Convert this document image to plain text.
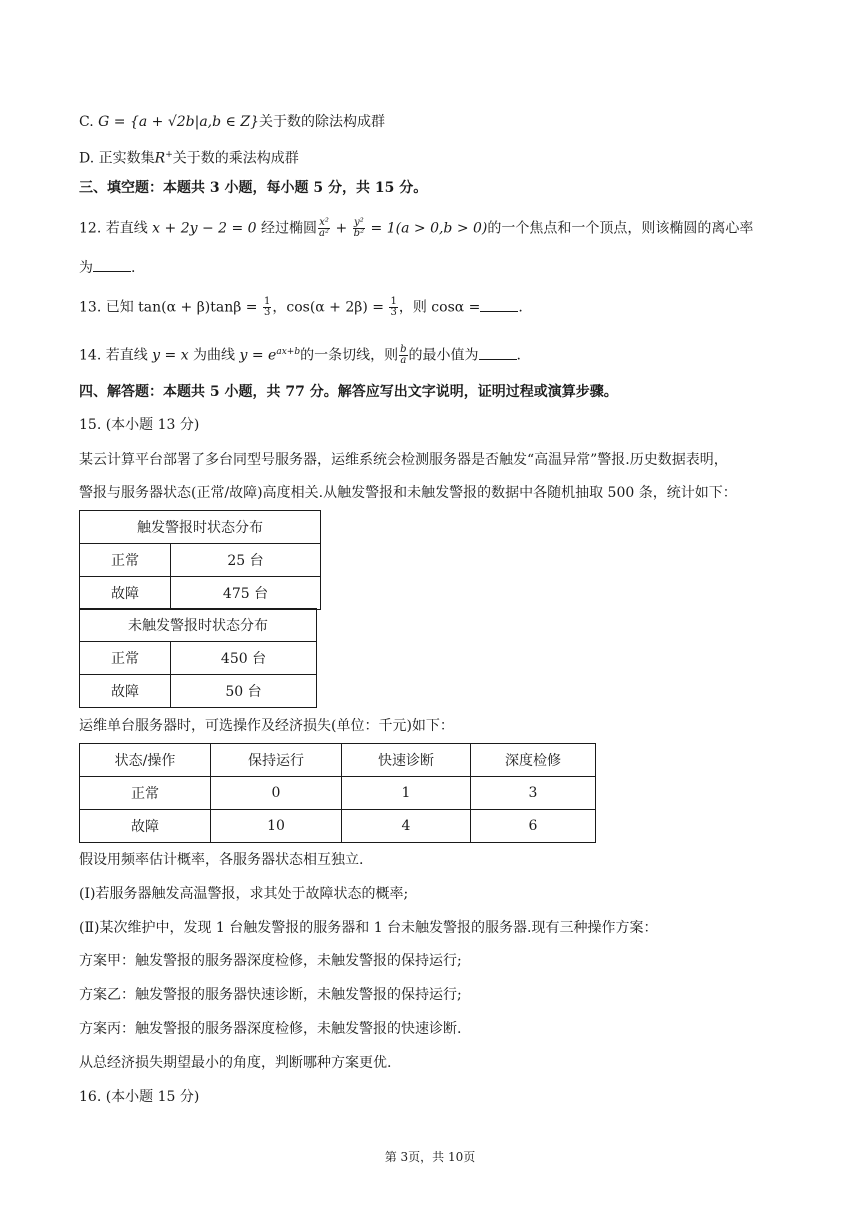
C. G = {a + √2b|a,b ∈ Z}关于数的除法构成群
D. 正实数集R+关于数的乘法构成群
三、填空题：本题共 3 小题，每小题 5 分，共 15 分。
12. 若直线 x + 2y − 2 = 0 经过椭圆 $\frac{\text{x²}}{\text{a²}} + \frac{\text{y²}}{\text{b²}} = 1(a > 0,b > 0)$的一个焦点和一个顶点，则该椭圆的离心率
为	.
13. 已知 $\tan(\alpha + \beta)\tan\beta = \frac{1}{3}$ ，$\cos(\alpha + 2\beta) = \frac{1}{3}$ ，则 cosα =	.
14. 若直线 y = x 为曲线 $y = e^{ax+b}$的一条切线，则 $\frac{b}{a}$ 的最小值为	.
四、解答题：本题共 5 小题，共 77 分。解答应写出文字说明，证明过程或演算步骤。
15. (本小题 13 分)
某云计算平台部署了多台同型号服务器，运维系统会检测服务器是否触发“高温异常”警报.历史数据表明，
警报与服务器状态(正常/故障)高度相关.从触发警报和未触发警报的数据中各随机抽取 500 条，统计如下：
触发警报时状态分布	
正常	25 台
故障	475 台
未触发警报时状态分布	
正常	450 台
故障	50 台
运维单台服务器时，可选操作及经济损失(单位：千元)如下：
状态/操作	保持运行	快速诊断	深度检修
正常	0	1	3
故障	10	4	6
假设用频率估计概率，各服务器状态相互独立.
(Ⅰ)若服务器触发高温警报，求其处于故障状态的概率;
(Ⅱ)某次维护中，发现 1 台触发警报的服务器和 1 台未触发警报的服务器.现有三种操作方案：
方案甲：触发警报的服务器深度检修，未触发警报的保持运行;
方案乙：触发警报的服务器快速诊断，未触发警报的保持运行;
方案丙：触发警报的服务器深度检修，未触发警报的快速诊断.
从总经济损失期望最小的角度，判断哪种方案更优.
16. (本小题 15 分)
第 3页，共 10页
